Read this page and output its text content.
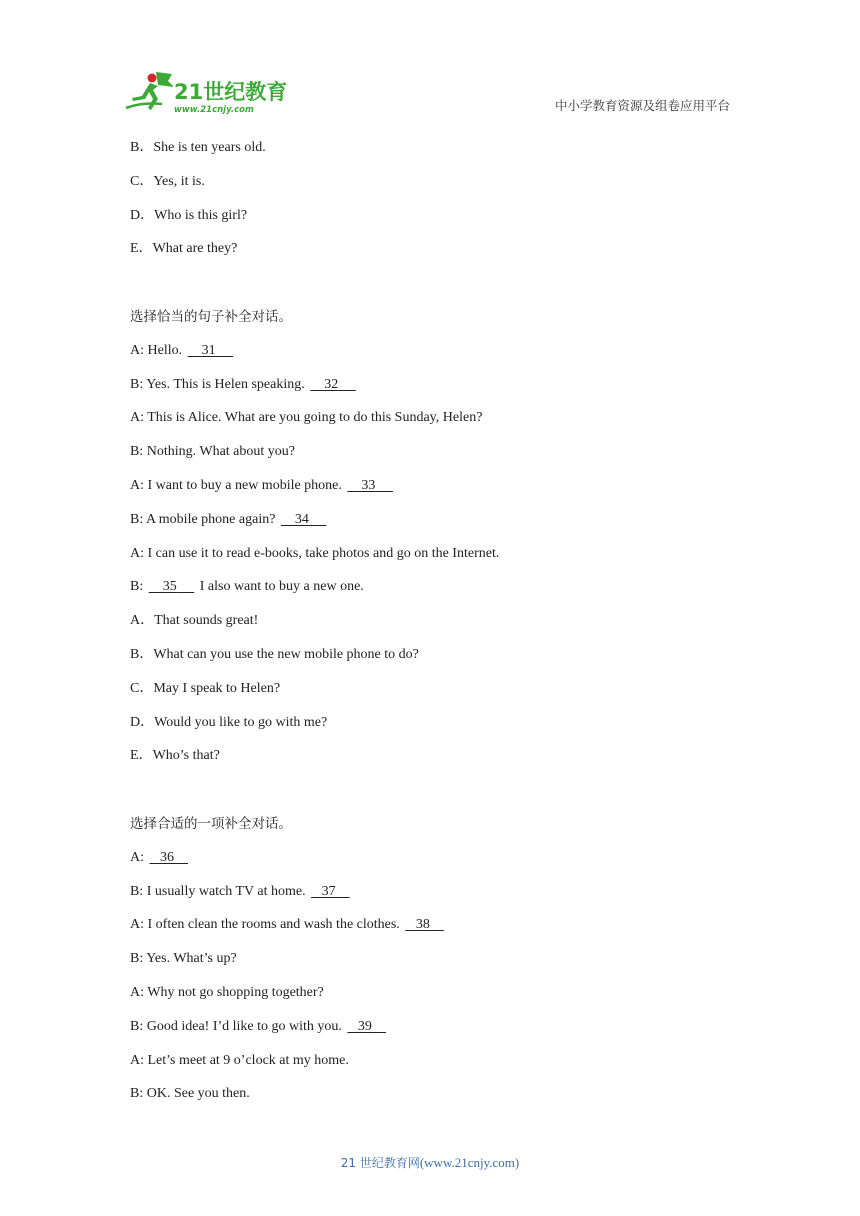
21世纪教育
www.21cnjy.com	中小学教育资源及组卷应用平台
B．She is ten years old.
C．Yes, it is.
D．Who is this girl?
E．What are they?
选择恰当的句子补全对话。
A: Hello.     31
B: Yes. This is Helen speaking.     32
A: This is Alice. What are you going to do this Sunday, Helen?
B: Nothing. What about you?
A: I want to buy a new mobile phone.     33
B: A mobile phone again?     34
A: I can use it to read e-books, take photos and go on the Internet.
B:     35      I also want to buy a new one.
A．That sounds great!
B．What can you use the new mobile phone to do?
C．May I speak to Helen?
D．Would you like to go with me?
E．Who’s that?
选择合适的一项补全对话。
A:    36
B: I usually watch TV at home.    37
A: I often clean the rooms and wash the clothes.    38
B: Yes. What’s up?
A: Why not go shopping together?
B: Good idea! I’d like to go with you.    39
A: Let’s meet at 9 o’clock at my home.
B: OK. See you then.
21 世纪教育网(www.21cnjy.com)
